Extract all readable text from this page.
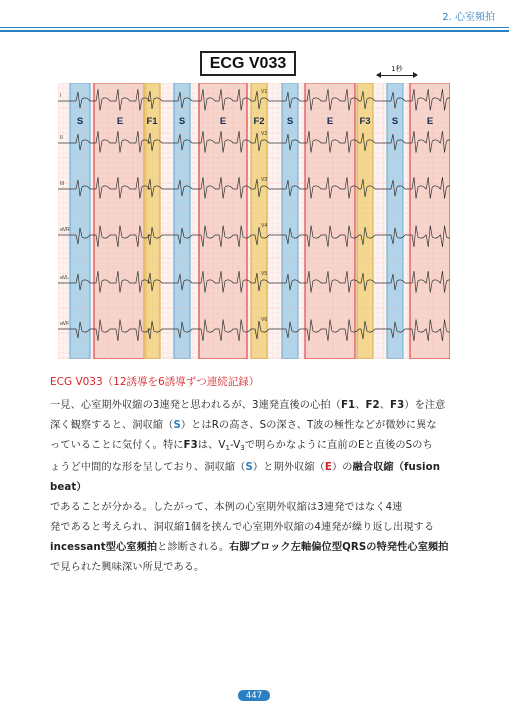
2. 心室頻拍
ECG V033	1秒
S	E F1 S	E	F2 S	E	F3 S	E
I
V1
II
V2
III
V3
aVR
V4
aVL
V5
aVF
V6
ECG V033（12誘導を6誘導ずつ連続記録）
一見、心室期外収縮の3連発と思われるが、3連発直後の心拍（F1、F2、F3）を注意
深く観察すると、洞収縮（S）とはRの高さ、Sの深さ、T波の極性などが微妙に異な
っていることに気付く。特にF3は、$V_1-V_3$で明らかなように直前のEと直後のSのち
ょうど中間的な形を呈しており、洞収縮（S）と期外収縮（E）の融合収縮（fusion beat）
であることが分かる。したがって、本例の心室期外収縮は3連発ではなく4連
発であると考えられ、洞収縮1個を挟んで心室期外収縮の4連発が繰り返し出現する
incessant型心室頻拍と診断される。右脚ブロック左軸偏位型QRSの特発性心室頻拍
で見られた興味深い所見である。
447
